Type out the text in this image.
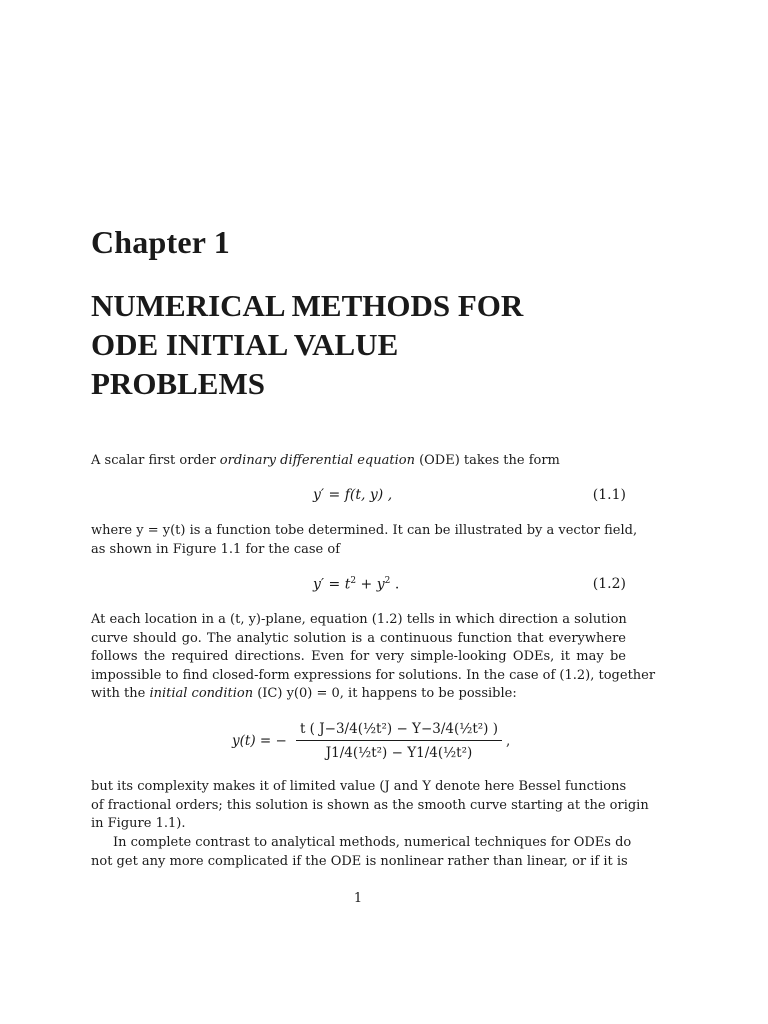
Chapter 1
NUMERICAL METHODS FOR
ODE INITIAL VALUE
PROBLEMS
A scalar first order ordinary differential equation (ODE) takes the form
y′ = f(t, y) ,	(1.1)
where y = y(t) is a function tobe determined. It can be illustrated by a vector field,
as shown in Figure 1.1 for the case of
$y' = t^2 + y^2$ .	(1.2)
At each location in a (t, y)-plane, equation (1.2) tells in which direction a solution
curve should go. The analytic solution is a continuous function that everywhere
follows the required directions. Even for very simple-looking ODEs, it may be
impossible to find closed-form expressions for solutions. In the case of (1.2), together
with the initial condition (IC) y(0) = 0, it happens to be possible:
y(t) = −
t ( J−3/4(½t²) − Y−3/4(½t²) )
J1/4(½t²) − Y1/4(½t²)
,
but its complexity makes it of limited value (J and Y denote here Bessel functions
of fractional orders; this solution is shown as the smooth curve starting at the origin
in Figure 1.1).
In complete contrast to analytical methods, numerical techniques for ODEs do
not get any more complicated if the ODE is nonlinear rather than linear, or if it is
1
